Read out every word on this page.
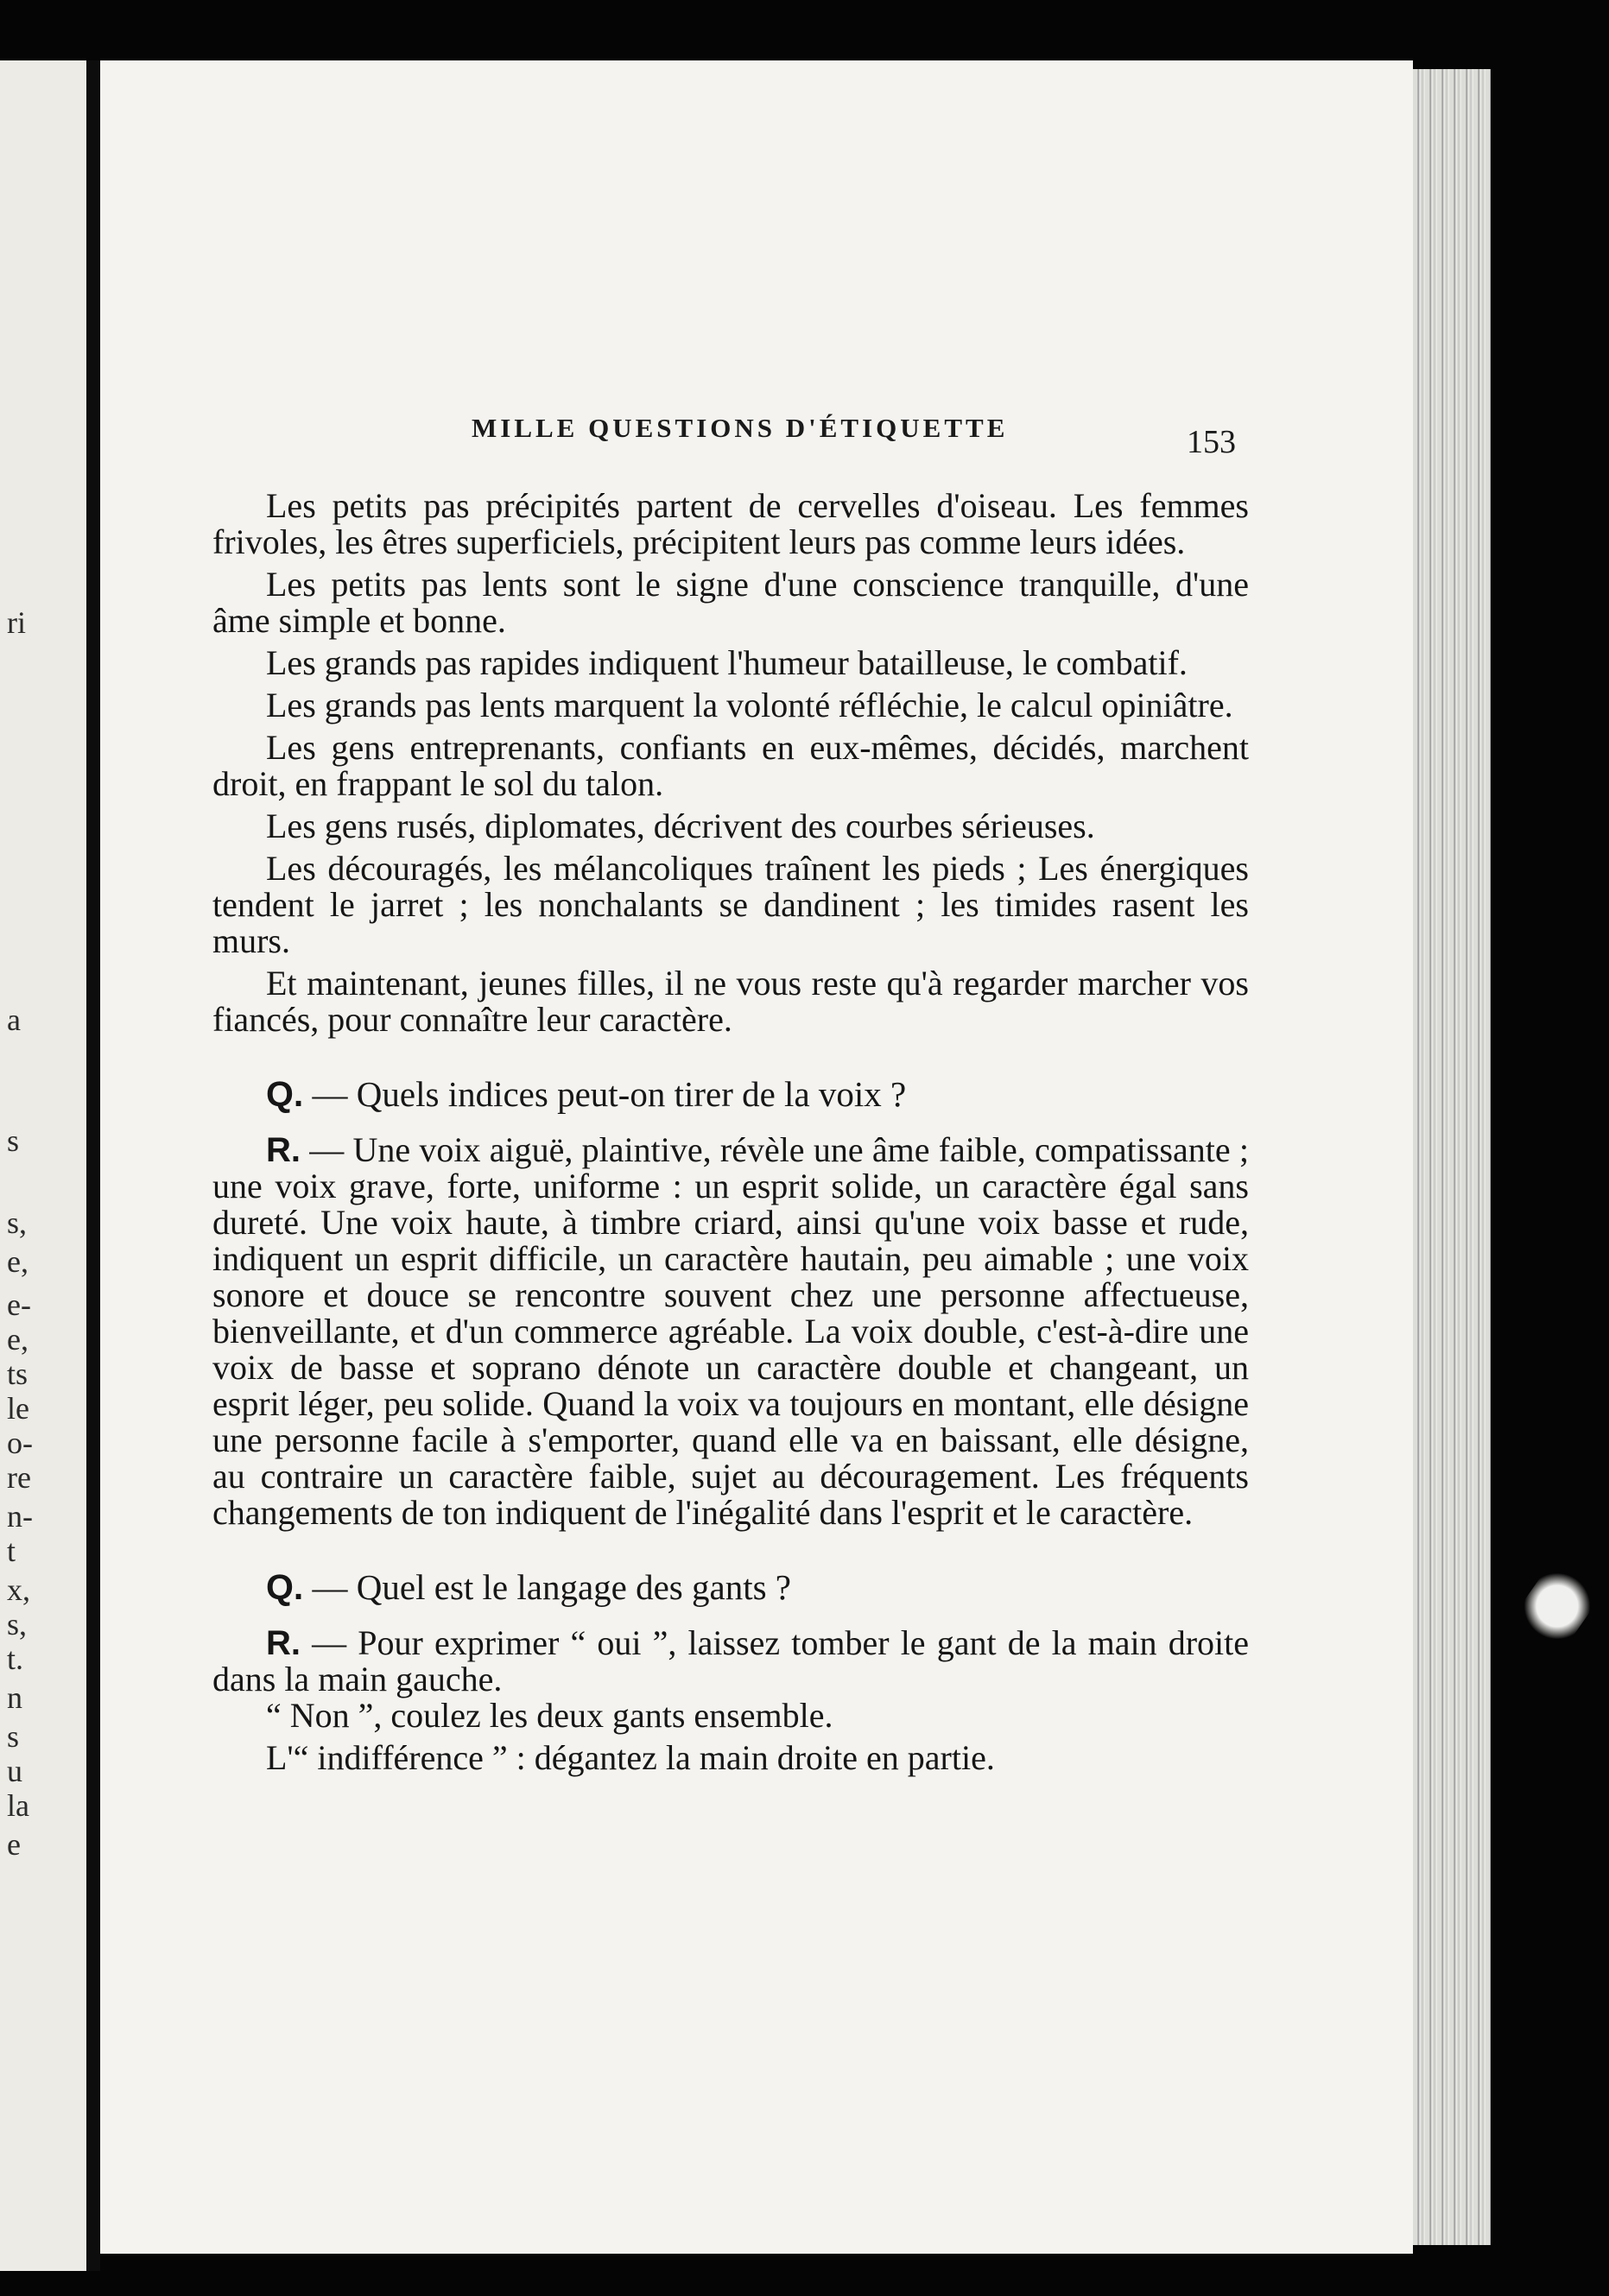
ri
a
s
s,
e,
e-
e,
ts
le
o-
re
n-
t
x,
s,
t.
n
s
u
la
e
MILLE QUESTIONS D'ÉTIQUETTE	153

Les petits pas précipités partent de cervelles d'oiseau. Les femmes frivoles, les êtres superficiels, précipitent leurs pas comme leurs idées.

Les petits pas lents sont le signe d'une conscience tranquille, d'une âme simple et bonne.

Les grands pas rapides indiquent l'humeur batailleuse, le combatif.

Les grands pas lents marquent la volonté réfléchie, le calcul opiniâtre.

Les gens entreprenants, confiants en eux-mêmes, décidés, marchent droit, en frappant le sol du talon.

Les gens rusés, diplomates, décrivent des courbes sérieuses.

Les découragés, les mélancoliques traînent les pieds ; Les énergiques tendent le jarret ; les nonchalants se dandinent ; les timides rasent les murs.

Et maintenant, jeunes filles, il ne vous reste qu'à regarder marcher vos fiancés, pour connaître leur caractère.

Q. — Quels indices peut-on tirer de la voix ?

R. — Une voix aiguë, plaintive, révèle une âme faible, compatissante ; une voix grave, forte, uniforme : un esprit solide, un caractère égal sans dureté. Une voix haute, à timbre criard, ainsi qu'une voix basse et rude, indiquent un esprit difficile, un caractère hautain, peu aimable ; une voix sonore et douce se rencontre souvent chez une personne affectueuse, bienveillante, et d'un commerce agréable. La voix double, c'est-à-dire une voix de basse et soprano dénote un caractère double et changeant, un esprit léger, peu solide. Quand la voix va toujours en montant, elle désigne une personne facile à s'emporter, quand elle va en baissant, elle désigne, au contraire un caractère faible, sujet au découragement. Les fréquents changements de ton indiquent de l'inégalité dans l'esprit et le caractère.

Q. — Quel est le langage des gants ?

R. — Pour exprimer “ oui ”, laissez tomber le gant de la main droite dans la main gauche.

“ Non ”, coulez les deux gants ensemble.

L'“ indifférence ” : dégantez la main droite en partie.
